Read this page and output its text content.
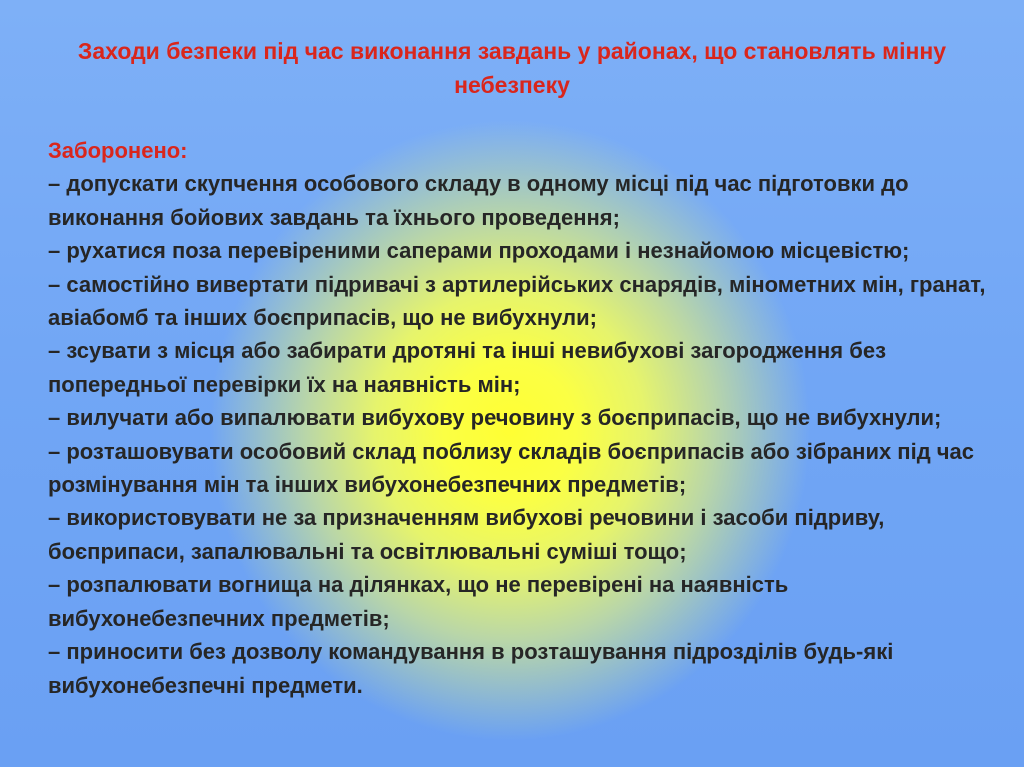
Заходи безпеки під час виконання завдань у районах, що становлять мінну небезпеку
Заборонено:
– допускати скупчення особового складу в одному місці під час підготовки до виконання бойових завдань та їхнього проведення;
– рухатися поза перевіреними саперами проходами і незнайомою місцевістю;
– самостійно вивертати підривачі з артилерійських снарядів, мінометних мін, гранат, авіабомб та інших боєприпасів, що не вибухнули;
– зсувати з місця або забирати дротяні та інші невибухові загородження без попередньої перевірки їх на наявність мін;
– вилучати або випалювати вибухову речовину з боєприпасів, що не вибухнули;
– розташовувати особовий склад поблизу складів боєприпасів або зібраних під час розмінування мін та інших вибухонебезпечних предметів;
– використовувати не за призначенням вибухові речовини і засоби підриву, боєприпаси, запалювальні та освітлювальні суміші тощо;
– розпалювати вогнища на ділянках, що не перевірені на наявність вибухонебезпечних предметів;
– приносити без дозволу командування в розташування підрозділів будь-які вибухонебезпечні предмети.
